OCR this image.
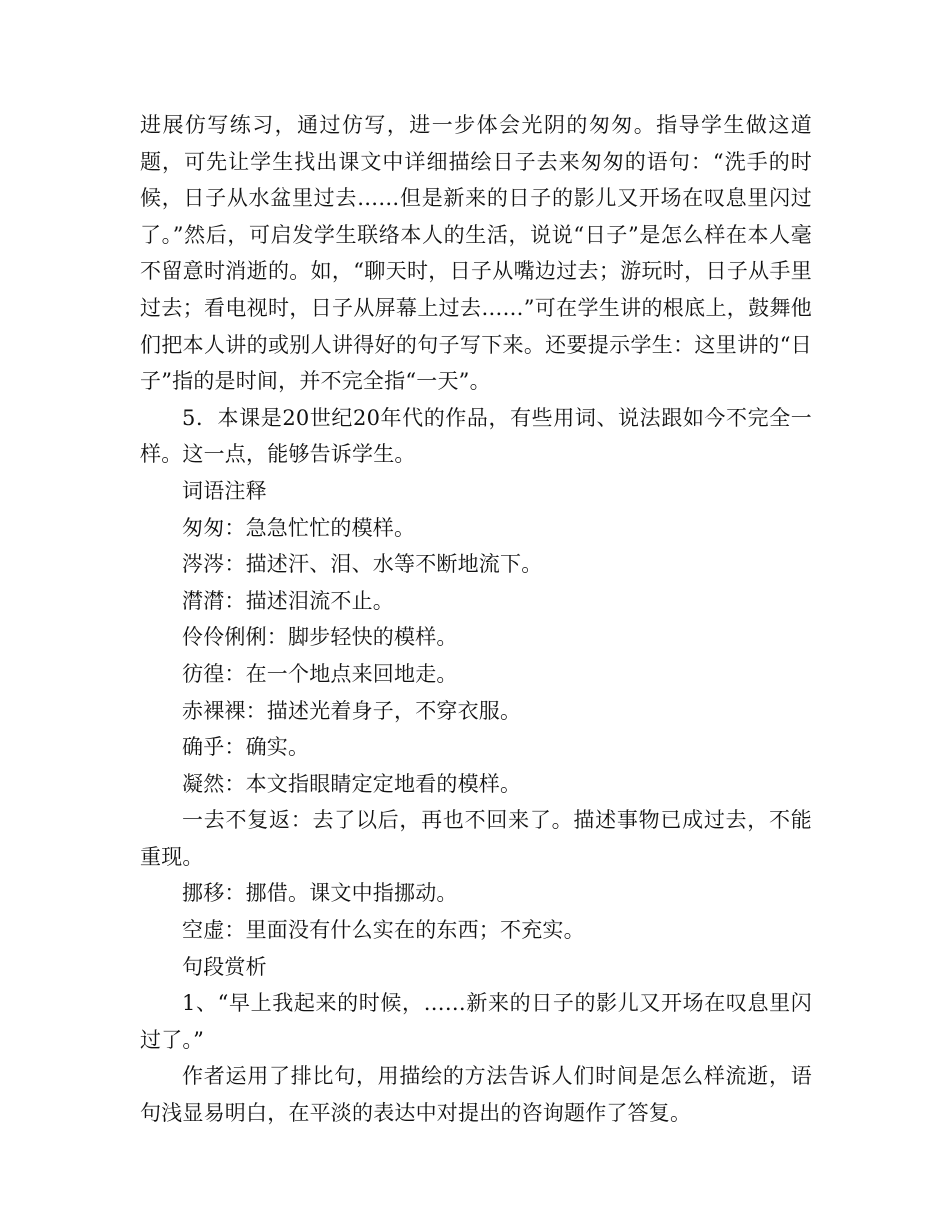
进展仿写练习，通过仿写，进一步体会光阴的匆匆。指导学生做这道题，可先让学生找出课文中详细描绘日子去来匆匆的语句：“洗手的时候，日子从水盆里过去……但是新来的日子的影儿又开场在叹息里闪过了。”然后，可启发学生联络本人的生活，说说“日子”是怎么样在本人毫不留意时消逝的。如，“聊天时，日子从嘴边过去；游玩时，日子从手里过去；看电视时，日子从屏幕上过去……”可在学生讲的根底上，鼓舞他们把本人讲的或别人讲得好的句子写下来。还要提示学生：这里讲的“日子”指的是时间，并不完全指“一天”。

5．本课是20世纪20年代的作品，有些用词、说法跟如今不完全一样。这一点，能够告诉学生。

词语注释

匆匆：急急忙忙的模样。

涔涔：描述汗、泪、水等不断地流下。

潸潸：描述泪流不止。

伶伶俐俐：脚步轻快的模样。

彷徨：在一个地点来回地走。

赤裸裸：描述光着身子，不穿衣服。

确乎：确实。

凝然：本文指眼睛定定地看的模样。

一去不复返：去了以后，再也不回来了。描述事物已成过去，不能重现。

挪移：挪借。课文中指挪动。

空虚：里面没有什么实在的东西；不充实。

句段赏析

1、“早上我起来的时候，……新来的日子的影儿又开场在叹息里闪过了。”

作者运用了排比句，用描绘的方法告诉人们时间是怎么样流逝，语句浅显易明白，在平淡的表达中对提出的咨询题作了答复。
